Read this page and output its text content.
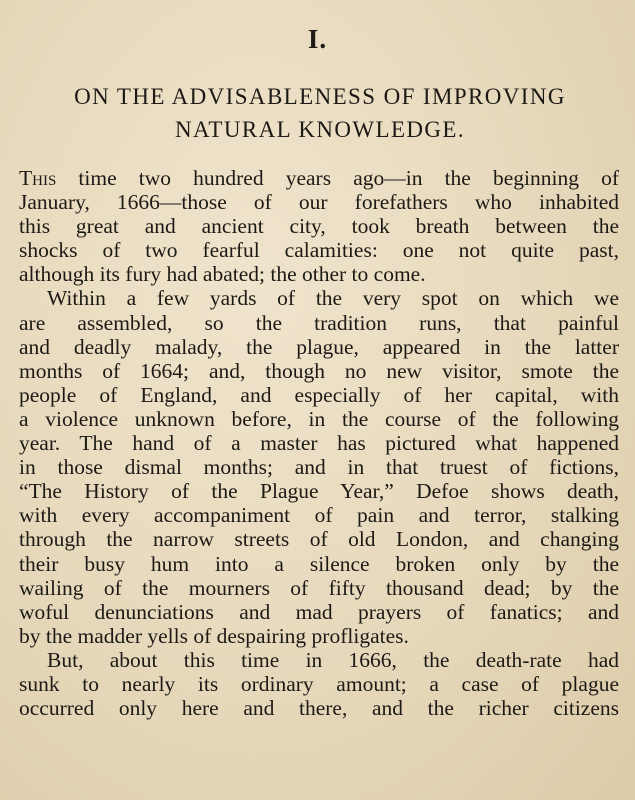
I.
ON THE ADVISABLENESS OF IMPROVING
NATURAL KNOWLEDGE.
This time two hundred years ago—in the beginning of
January, 1666—those of our forefathers who inhabited
this great and ancient city, took breath between the
shocks of two fearful calamities: one not quite past,
although its fury had abated; the other to come.
Within a few yards of the very spot on which we
are assembled, so the tradition runs, that painful
and deadly malady, the plague, appeared in the latter
months of 1664; and, though no new visitor, smote the
people of England, and especially of her capital, with
a violence unknown before, in the course of the following
year. The hand of a master has pictured what happened
in those dismal months; and in that truest of fictions,
“The History of the Plague Year,” Defoe shows death,
with every accompaniment of pain and terror, stalking
through the narrow streets of old London, and changing
their busy hum into a silence broken only by the
wailing of the mourners of fifty thousand dead; by the
woful denunciations and mad prayers of fanatics; and
by the madder yells of despairing profligates.
But, about this time in 1666, the death-rate had
sunk to nearly its ordinary amount; a case of plague
occurred only here and there, and the richer citizens
